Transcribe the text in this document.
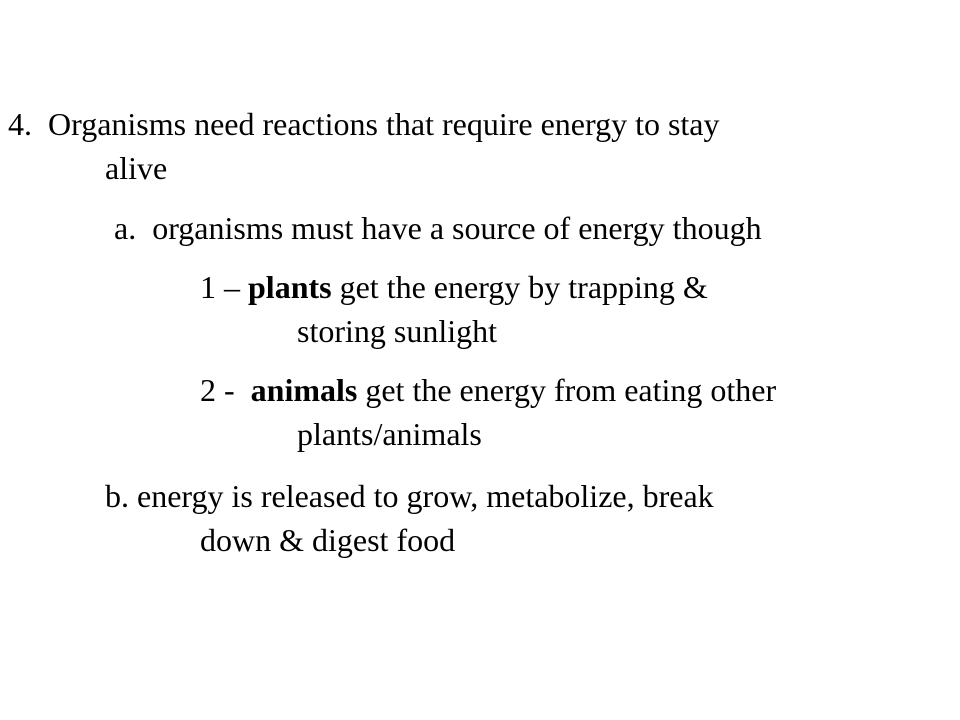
4. Organisms need reactions that require energy to stay
alive
a. organisms must have a source of energy though
1 – plants get the energy by trapping &
storing sunlight
2 - animals get the energy from eating other
plants/animals
b. energy is released to grow, metabolize, break
down & digest food
